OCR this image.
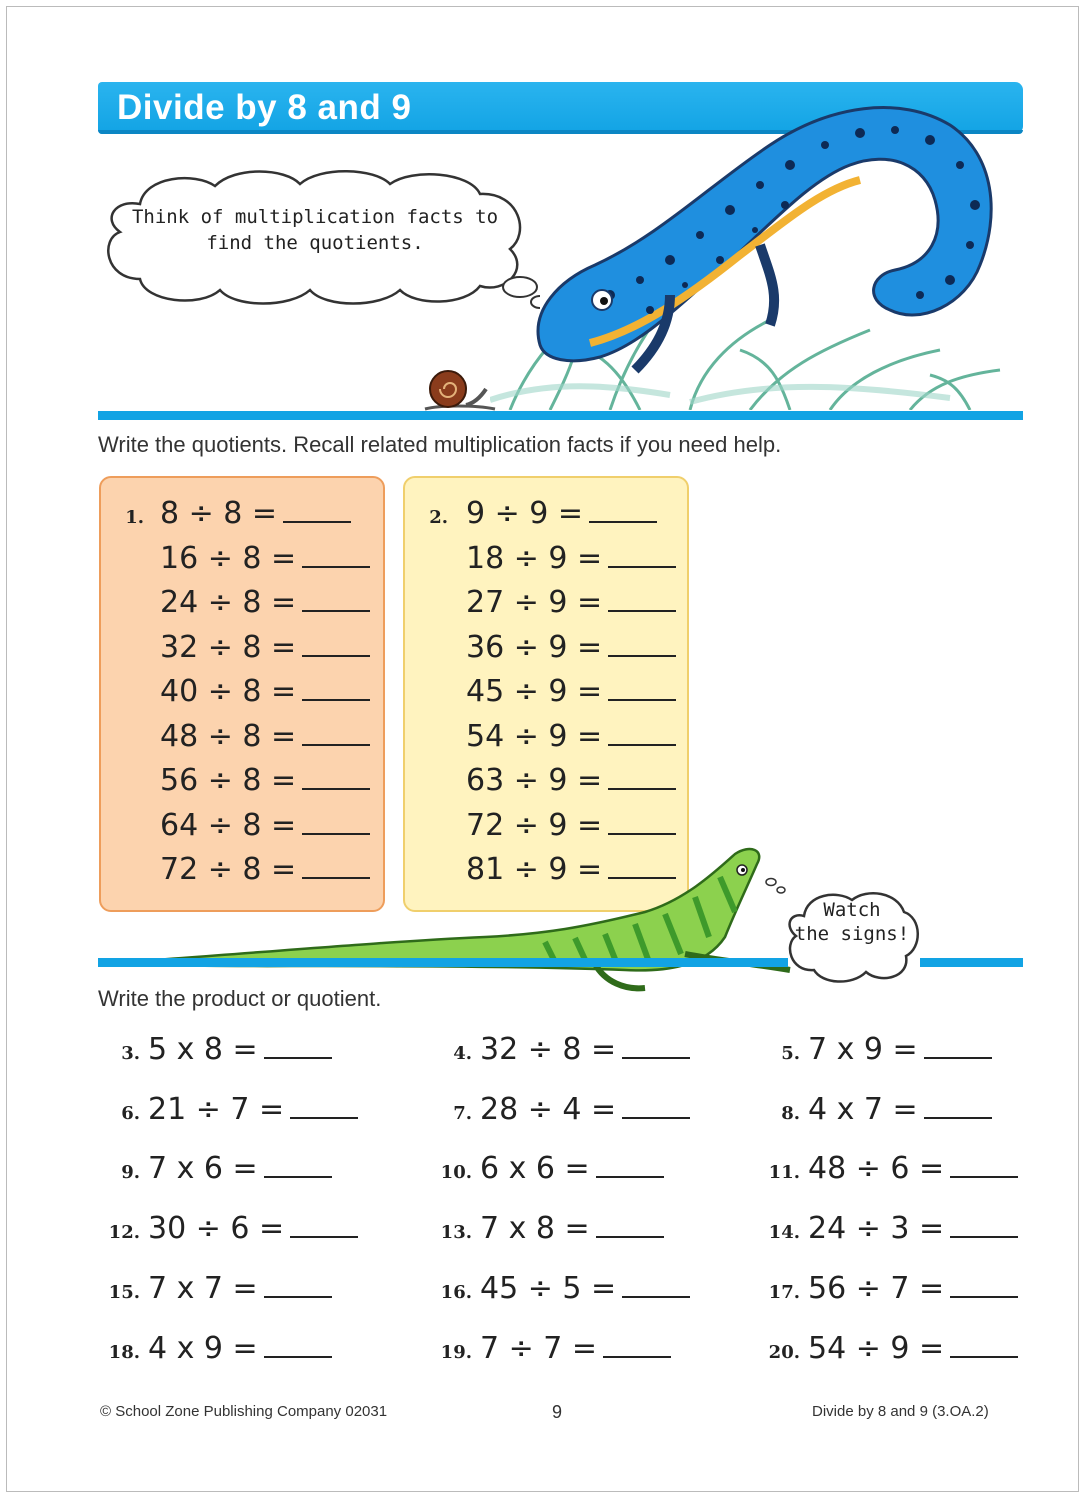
Divide by 8 and 9
Think of multiplication facts to
find the quotients.
Write the quotients. Recall related multiplication facts if you need help.
1.	2.
8 ÷ 8 =
16 ÷ 8 =
24 ÷ 8 =
32 ÷ 8 =
40 ÷ 8 =
48 ÷ 8 =
56 ÷ 8 =
64 ÷ 8 =
72 ÷ 8 =
9 ÷ 9 =
18 ÷ 9 =
27 ÷ 9 =
36 ÷ 9 =
45 ÷ 9 =
54 ÷ 9 =
63 ÷ 9 =
72 ÷ 9 =
81 ÷ 9 =
Watch
the signs!
Write the product or quotient.
3. 5 x 8 =	4. 32 ÷ 8 =	5. 7 x 9 =
6. 21 ÷ 7 =	7. 28 ÷ 4 =	8. 4 x 7 =
9. 7 x 6 =	10. 6 x 6 =	11. 48 ÷ 6 =
12. 30 ÷ 6 =	13. 7 x 8 =	14. 24 ÷ 3 =
15. 7 x 7 =	16. 45 ÷ 5 =	17. 56 ÷ 7 =
18. 4 x 9 =	19. 7 ÷ 7 =	20. 54 ÷ 9 =
© School Zone Publishing Company 02031	9	Divide by 8 and 9 (3.OA.2)
